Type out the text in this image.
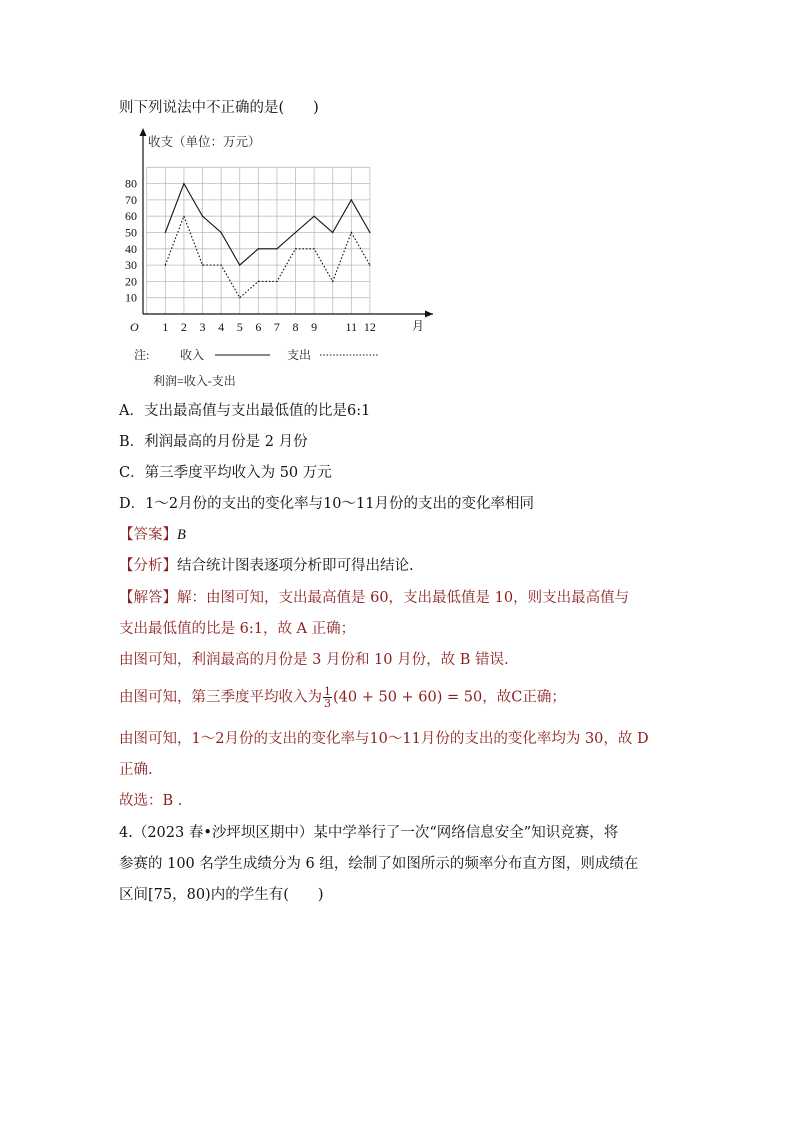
则下列说法中不正确的是(　　)
收支（单位：万元）
O	月
10
20
30
40
50
60
70
80
1 2 3 4 5 6 7 8 9 11 12
注:	收入	支出
利润=收入-支出
A．支出最高值与支出最低值的比是6:1
B．利润最高的月份是 2 月份
C．第三季度平均收入为 50 万元
D．1～2月份的支出的变化率与10～11月份的支出的变化率相同
【答案】B
【分析】结合统计图表逐项分析即可得出结论.
【解答】解：由图可知，支出最高值是 60，支出最低值是 10，则支出最高值与
支出最低值的比是 6:1，故 A 正确；
由图可知，利润最高的月份是 3 月份和 10 月份，故 B 错误.
由图可知，第三季度平均收入为 $\frac{1}{3} (40 + 50 + 60) = 50$，故C正确；
由图可知，1～2月份的支出的变化率与10～11月份的支出的变化率均为 30，故 D
正确.
故选：B .
4.（2023 春•沙坪坝区期中）某中学举行了一次“网络信息安全”知识竞赛，将
参赛的 100 名学生成绩分为 6 组，绘制了如图所示的频率分布直方图，则成绩在
区间[75，80)内的学生有(　　)
